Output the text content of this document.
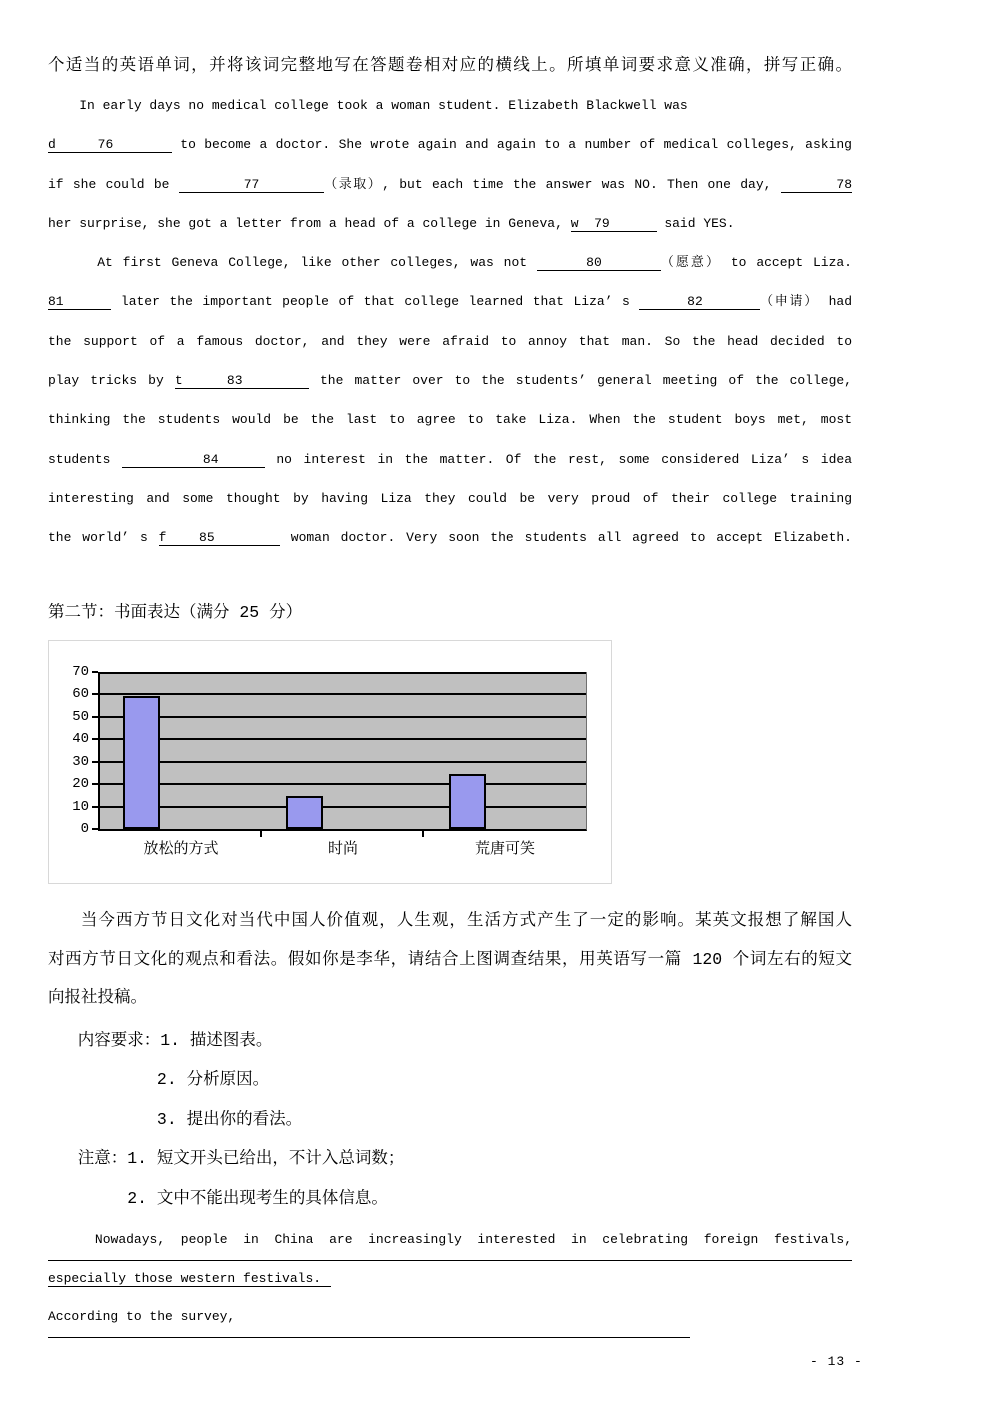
个适当的英语单词，并将该词完整地写在答题卷相对应的横线上。所填单词要求意义准确，拼写正确。
In early days no medical college took a woman student. Elizabeth Blackwell was
d     76        to become a doctor. She wrote again and again to a number of medical colleges, asking
if she could be        77       （录取）, but each time the answer was NO. Then one day,       78
her surprise, she got a letter from a head of a college in Geneva, w  79       said YES.
At first Geneva College, like other colleges, was not      80      （愿意） to accept Liza.
81      later the important people of that college learned that Liza’ s      82      （申请） had
the support of a famous doctor, and they were afraid to annoy that man. So the head decided to
play tricks by t    83       the matter over to the students’ general meeting of the college,
thinking the students would be the last to agree to take Liza. When the student boys met, most
students        84     no interest in the matter. Of the rest, some considered Liza’ s idea
interesting and some thought by having Liza they could be very proud of their college training
the world’ s f   85       woman doctor. Very soon the students all agreed to accept Elizabeth.
第二节：书面表达（满分 25 分）
0
10
20
30
40
50
60
70
放松的方式	时尚	荒唐可笑
当今西方节日文化对当代中国人价值观，人生观，生活方式产生了一定的影响。某英文报想了解国人
对西方节日文化的观点和看法。假如你是李华，请结合上图调查结果，用英语写一篇 120 个词左右的短文
向报社投稿。
内容要求：1. 描述图表。
2. 分析原因。
3. 提出你的看法。
注意：1. 短文开头已给出，不计入总词数；
2. 文中不能出现考生的具体信息。
Nowadays, people in China are increasingly interested in celebrating foreign festivals,
especially those western festivals.
According to the survey,
- 13 -
